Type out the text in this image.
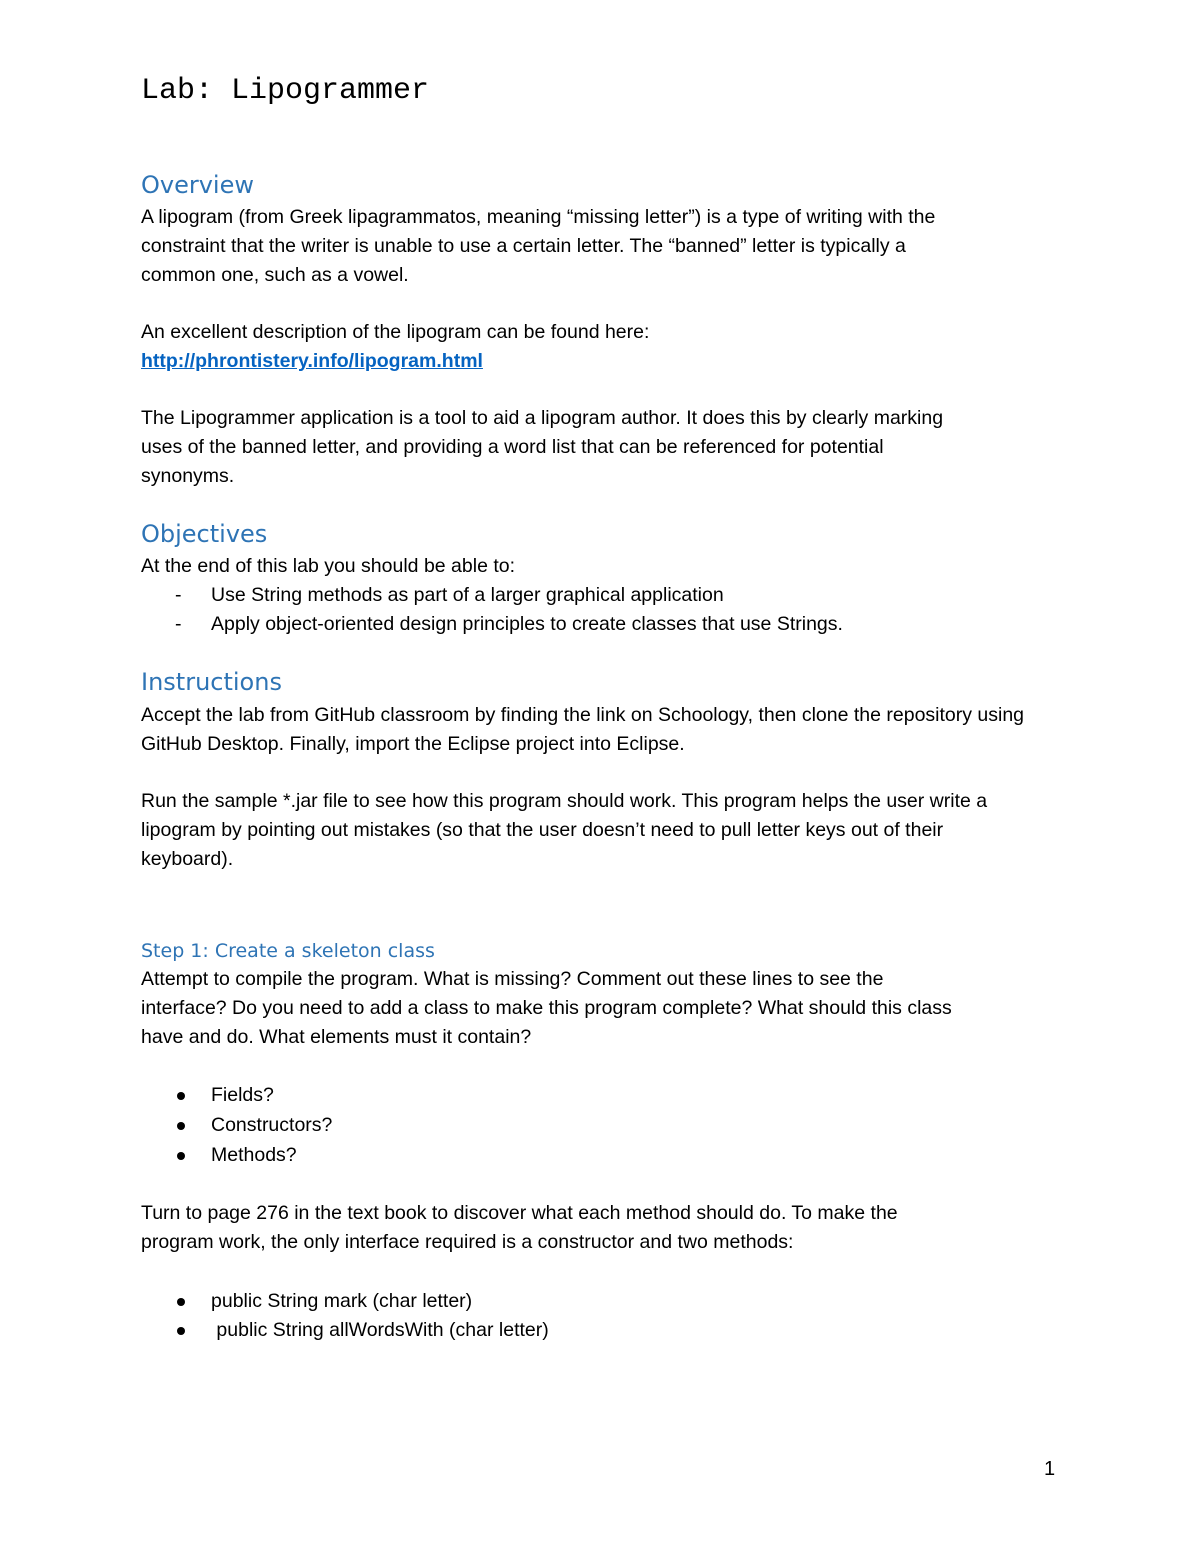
Lab: Lipogrammer
Overview

A lipogram (from Greek lipagrammatos, meaning “missing letter”) is a type of writing with the
constraint that the writer is unable to use a certain letter. The “banned” letter is typically a
common one, such as a vowel.

An excellent description of the lipogram can be found here:
http://phrontistery.info/lipogram.html

The Lipogrammer application is a tool to aid a lipogram author. It does this by clearly marking
uses of the banned letter, and providing a word list that can be referenced for potential
synonyms.

Objectives

At the end of this lab you should be able to:

- Use String methods as part of a larger graphical application
- Apply object-oriented design principles to create classes that use Strings.
Instructions

Accept the lab from GitHub classroom by finding the link on Schoology, then clone the repository using
GitHub Desktop. Finally, import the Eclipse project into Eclipse.

Run the sample *.jar file to see how this program should work. This program helps the user write a
lipogram by pointing out mistakes (so that the user doesn’t need to pull letter keys out of their
keyboard).

Step 1: Create a skeleton class

Attempt to compile the program. What is missing? Comment out these lines to see the
interface? Do you need to add a class to make this program complete? What should this class
have and do. What elements must it contain?

Fields?
Constructors?
Methods?

Turn to page 276 in the text book to discover what each method should do. To make the
program work, the only interface required is a constructor and two methods:

public String mark (char letter)
public String allWordsWith (char letter)
1
